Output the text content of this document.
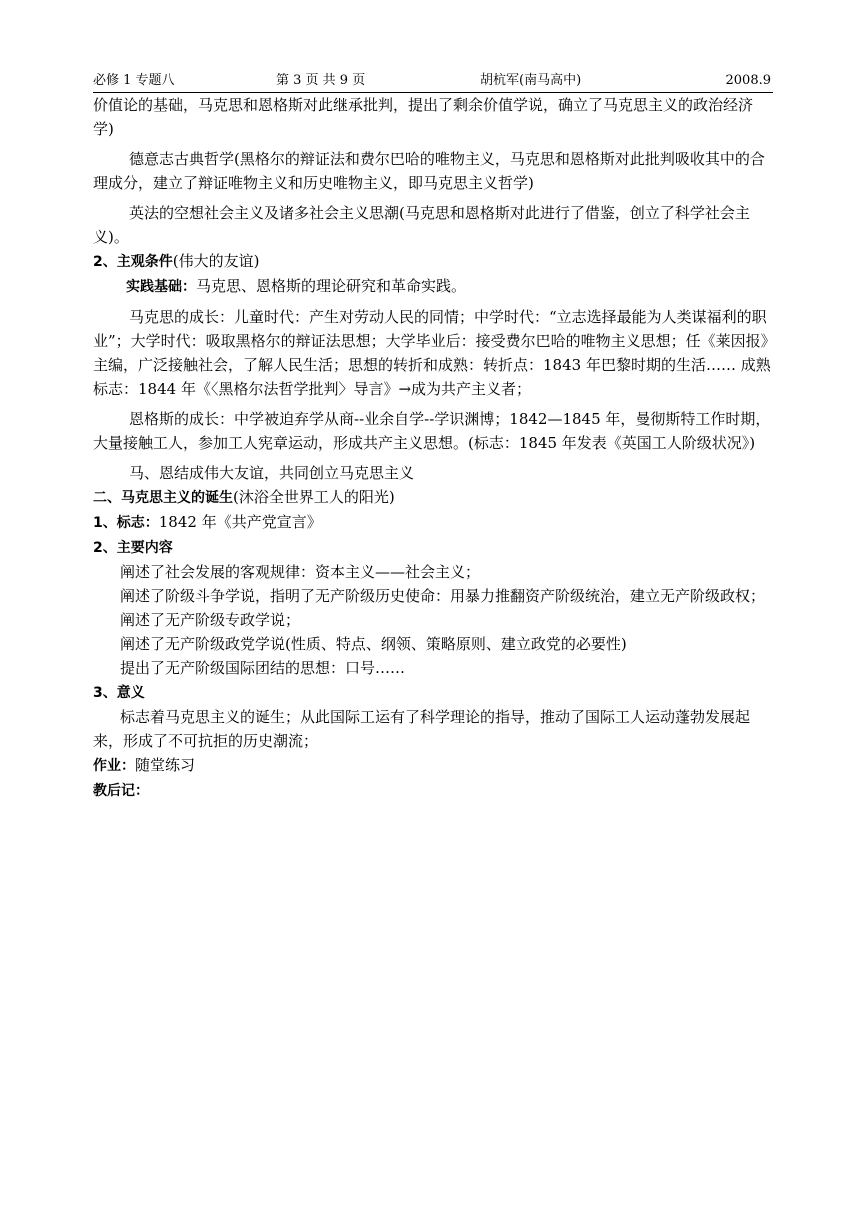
必修 1 专题八	第 3 页 共 9 页	胡杭军(南马高中)	2008.9

价值论的基础，马克思和恩格斯对此继承批判，提出了剩余价值学说，确立了马克思主义的政治经济学)

德意志古典哲学(黑格尔的辩证法和费尔巴哈的唯物主义，马克思和恩格斯对此批判吸收其中的合理成分，建立了辩证唯物主义和历史唯物主义，即马克思主义哲学)

英法的空想社会主义及诸多社会主义思潮(马克思和恩格斯对此进行了借鉴，创立了科学社会主义)。

2、主观条件(伟大的友谊)

实践基础：马克思、恩格斯的理论研究和革命实践。

马克思的成长：儿童时代：产生对劳动人民的同情；中学时代：“立志选择最能为人类谋福利的职业”；大学时代：吸取黑格尔的辩证法思想；大学毕业后：接受费尔巴哈的唯物主义思想；任《莱因报》主编，广泛接触社会，了解人民生活；思想的转折和成熟：转折点：1843 年巴黎时期的生活…… 成熟标志：1844 年《〈黑格尔法哲学批判〉导言》→成为共产主义者；

恩格斯的成长：中学被迫弃学从商--业余自学--学识渊博；1842—1845 年，曼彻斯特工作时期，大量接触工人，参加工人宪章运动，形成共产主义思想。(标志：1845 年发表《英国工人阶级状况》)

马、恩结成伟大友谊，共同创立马克思主义

二、马克思主义的诞生(沐浴全世界工人的阳光)

1、标志：1842 年《共产党宣言》

2、主要内容

阐述了社会发展的客观规律：资本主义——社会主义；

阐述了阶级斗争学说，指明了无产阶级历史使命：用暴力推翻资产阶级统治，建立无产阶级政权；

阐述了无产阶级专政学说；

阐述了无产阶级政党学说(性质、特点、纲领、策略原则、建立政党的必要性)

提出了无产阶级国际团结的思想：口号……

3、意义

标志着马克思主义的诞生；从此国际工运有了科学理论的指导，推动了国际工人运动蓬勃发展起来，形成了不可抗拒的历史潮流；

作业：随堂练习

教后记：
